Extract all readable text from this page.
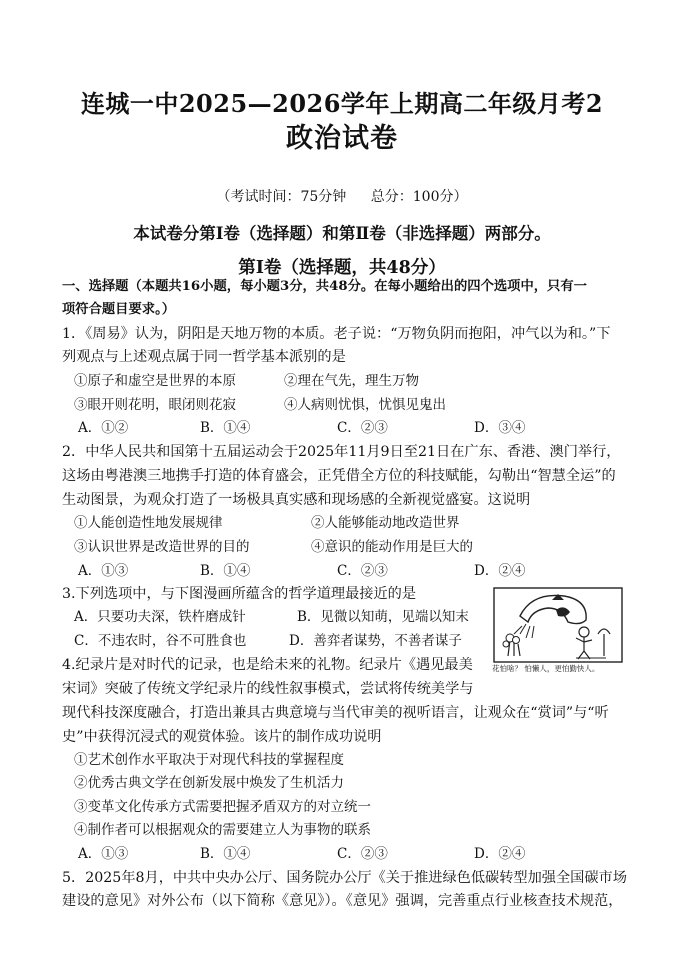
连城一中2025—2026学年上期高二年级月考2
政治试卷
（考试时间：75分钟 总分：100分）
本试卷分第Ⅰ卷（选择题）和第Ⅱ卷（非选择题）两部分。
第Ⅰ卷（选择题，共48分）
一、选择题（本题共16小题，每小题3分，共48分。在每小题给出的四个选项中，只有一
项符合题目要求。）
1．《周易》认为，阴阳是天地万物的本质。老子说：“万物负阴而抱阳，冲气以为和。”下
列观点与上述观点属于同一哲学基本派别的是
①原子和虚空是世界的本原	②理在气先，理生万物
③眼开则花明，眼闭则花寂	④人病则忧惧，忧惧见鬼出
A．①②	B．①④	C．②③	D．③④
2．中华人民共和国第十五届运动会于2025年11月9日至21日在广东、香港、澳门举行，
这场由粤港澳三地携手打造的体育盛会，正凭借全方位的科技赋能，勾勒出“智慧全运”的
生动图景，为观众打造了一场极具真实感和现场感的全新视觉盛宴。这说明
①人能创造性地发展规律	②人能够能动地改造世界
③认识世界是改造世界的目的	④意识的能动作用是巨大的
A．①③	B．①④	C．②③	D．②④
3.下列选项中，与下图漫画所蕴含的哲学道理最接近的是
A．只要功夫深，铁杵磨成针	B．见微以知萌，见端以知末
C．不违农时，谷不可胜食也	D．善弈者谋势，不善者谋子
花怕啥？ 怕懒人，更怕勤快人。
4.纪录片是对时代的记录，也是给未来的礼物。纪录片《遇见最美
宋词》突破了传统文学纪录片的线性叙事模式，尝试将传统美学与
现代科技深度融合，打造出兼具古典意境与当代审美的视听语言，让观众在“赏词”与“听
史”中获得沉浸式的观赏体验。该片的制作成功说明
①艺术创作水平取决于对现代科技的掌握程度
②优秀古典文学在创新发展中焕发了生机活力
③变革文化传承方式需要把握矛盾双方的对立统一
④制作者可以根据观众的需要建立人为事物的联系
A．①③	B．①④	C．②③	D．②④
5．2025年8月，中共中央办公厅、国务院办公厅《关于推进绿色低碳转型加强全国碳市场
建设的意见》对外公布（以下简称《意见》）。《意见》强调，完善重点行业核查技术规范，
